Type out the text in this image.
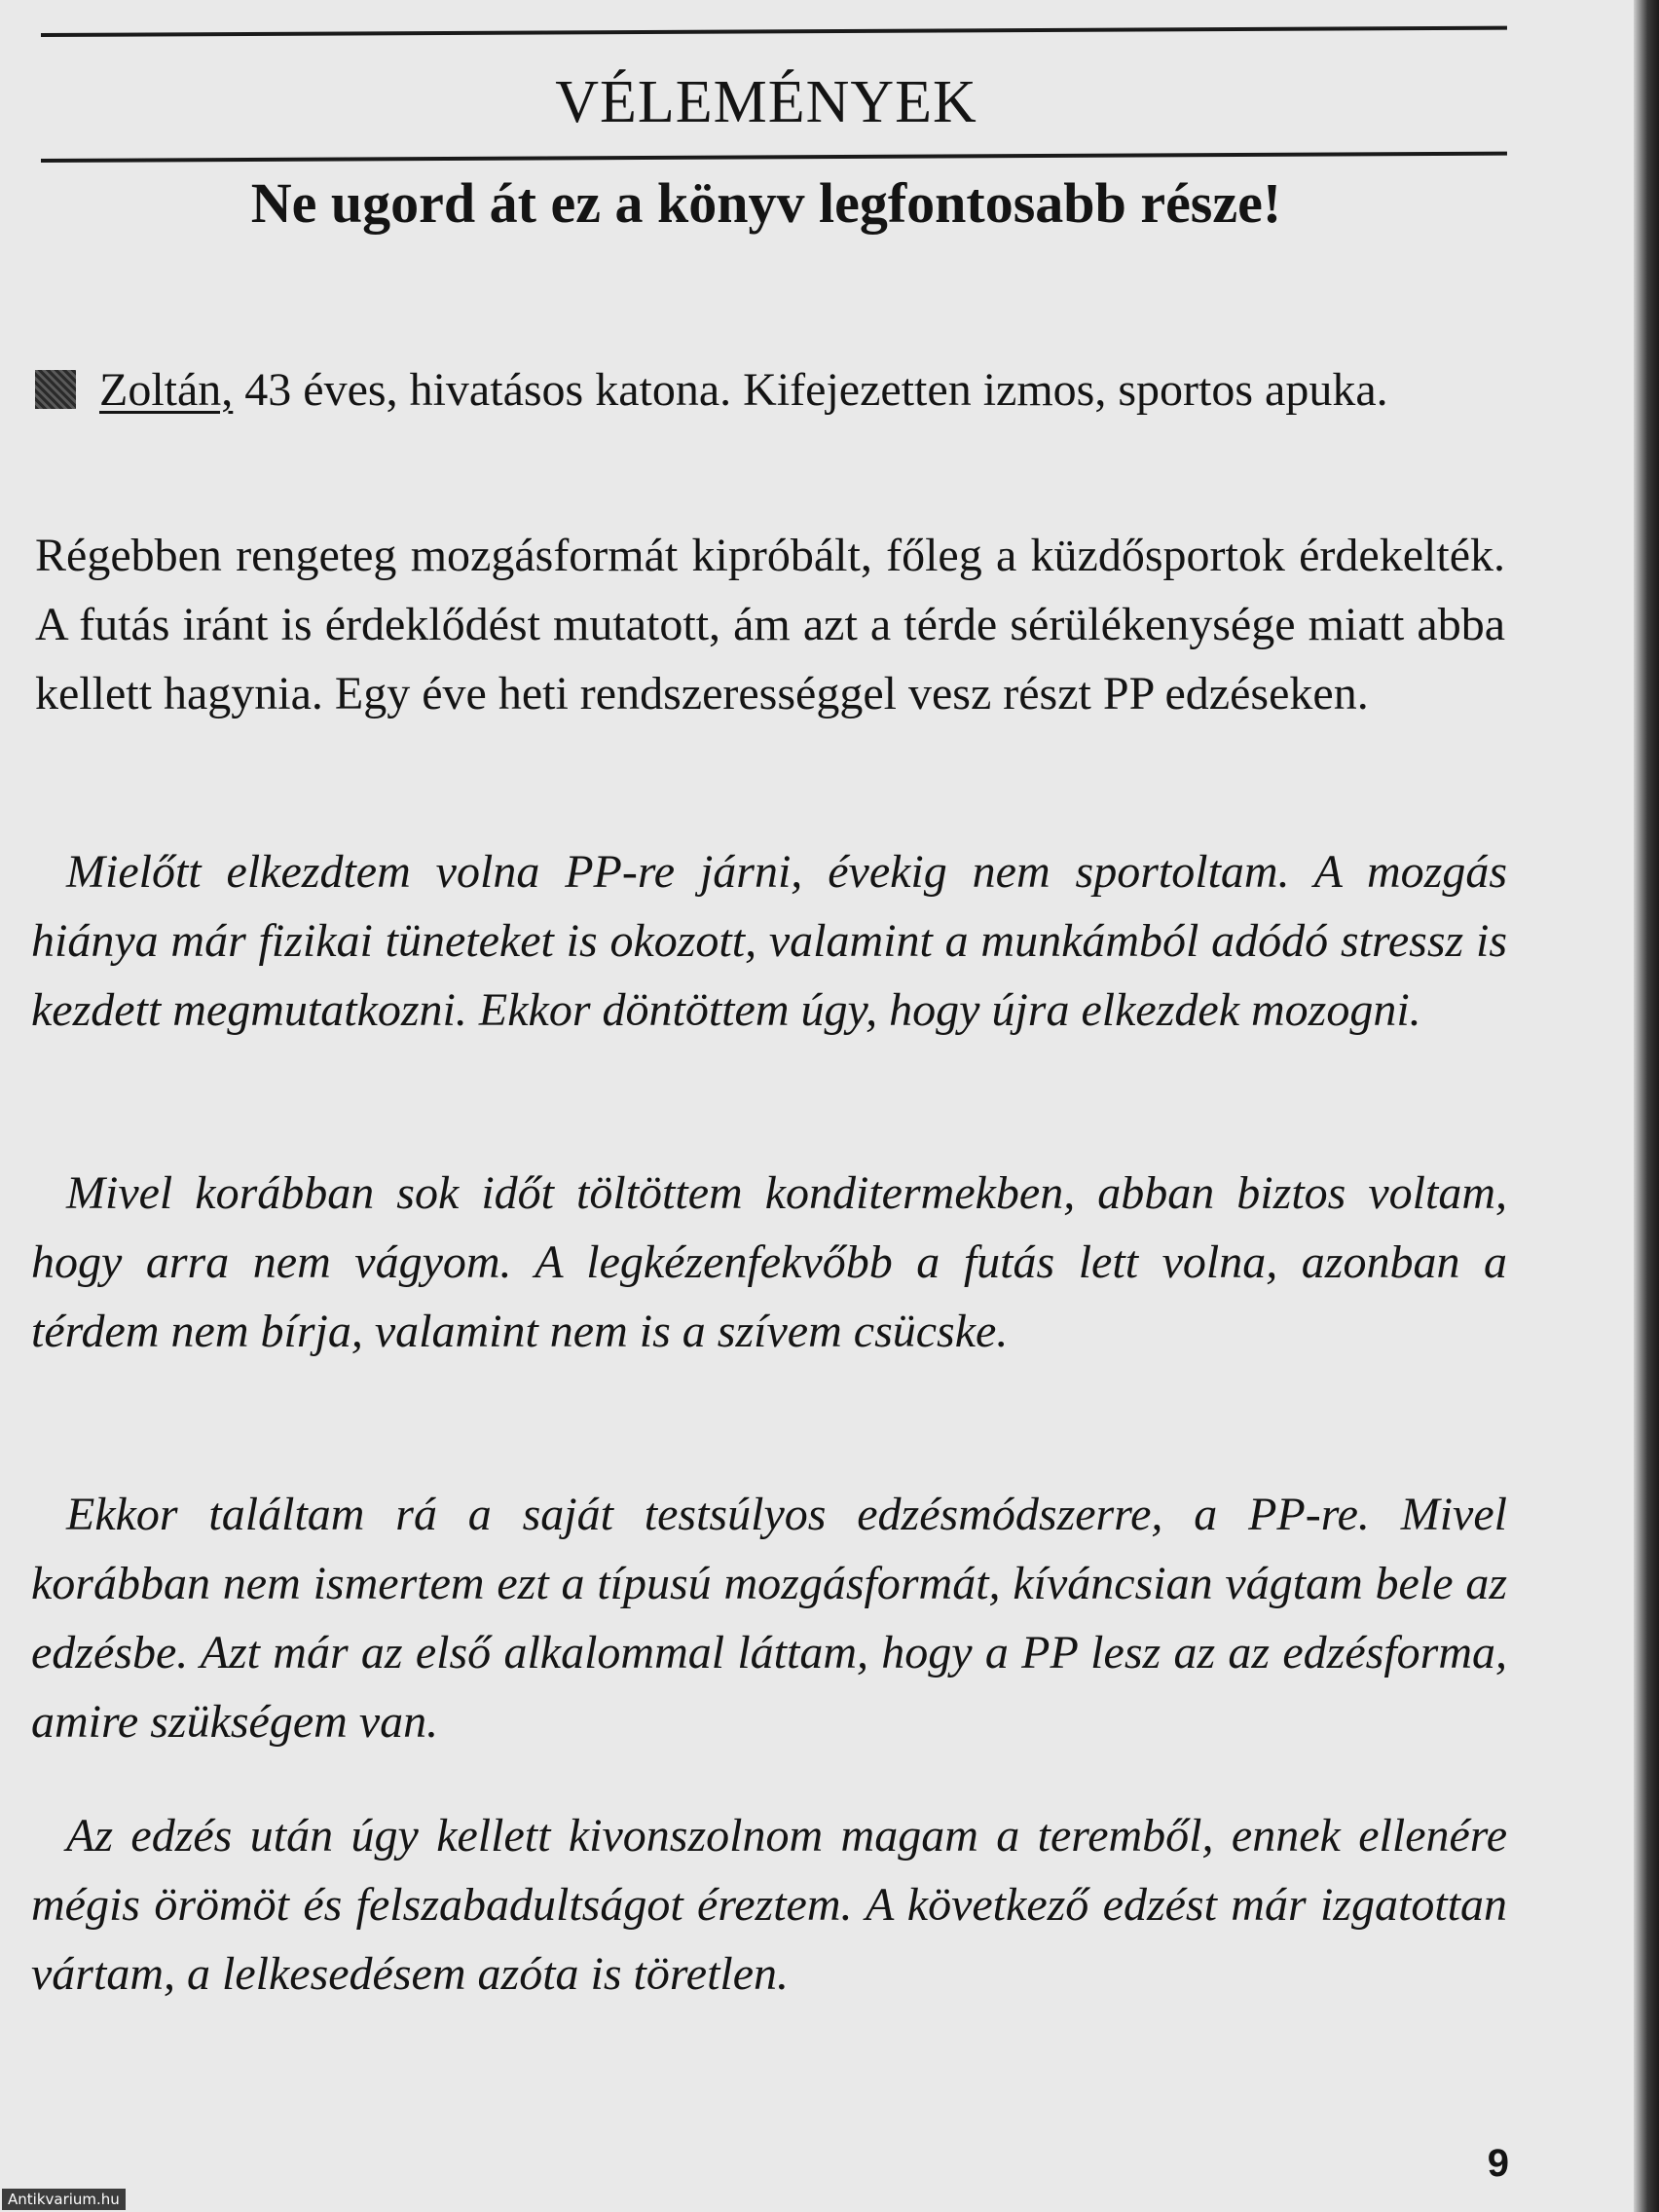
VÉLEMÉNYEK
Ne ugord át ez a könyv legfontosabb része!
Zoltán, 43 éves, hivatásos katona. Kifejezetten izmos, sportos apuka.

Régebben rengeteg mozgásformát kipróbált, főleg a küzdősportok érdekelték. A futás iránt is érdeklődést mutatott, ám azt a térde sérülékenysége miatt abba kellett hagynia. Egy éve heti rendszerességgel vesz részt PP edzéseken.

Mielőtt elkezdtem volna PP-re járni, évekig nem sportoltam. A mozgás hiánya már fizikai tüneteket is okozott, valamint a munkámból adódó stressz is kezdett megmutatkozni. Ekkor döntöttem úgy, hogy újra elkezdek mozogni.

Mivel korábban sok időt töltöttem konditermekben, abban biztos voltam, hogy arra nem vágyom. A legkézenfekvőbb a futás lett volna, azonban a térdem nem bírja, valamint nem is a szívem csücske.

Ekkor találtam rá a saját testsúlyos edzésmódszerre, a PP-re. Mivel korábban nem ismertem ezt a típusú mozgásformát, kíváncsian vágtam bele az edzésbe. Azt már az első alkalommal láttam, hogy a PP lesz az az edzésforma, amire szükségem van.

Az edzés után úgy kellett kivonszolnom magam a teremből, ennek ellenére mégis örömöt és felszabadultságot éreztem. A következő edzést már izgatottan vártam, a lelkesedésem azóta is töretlen.

9
Antikvarium.hu
